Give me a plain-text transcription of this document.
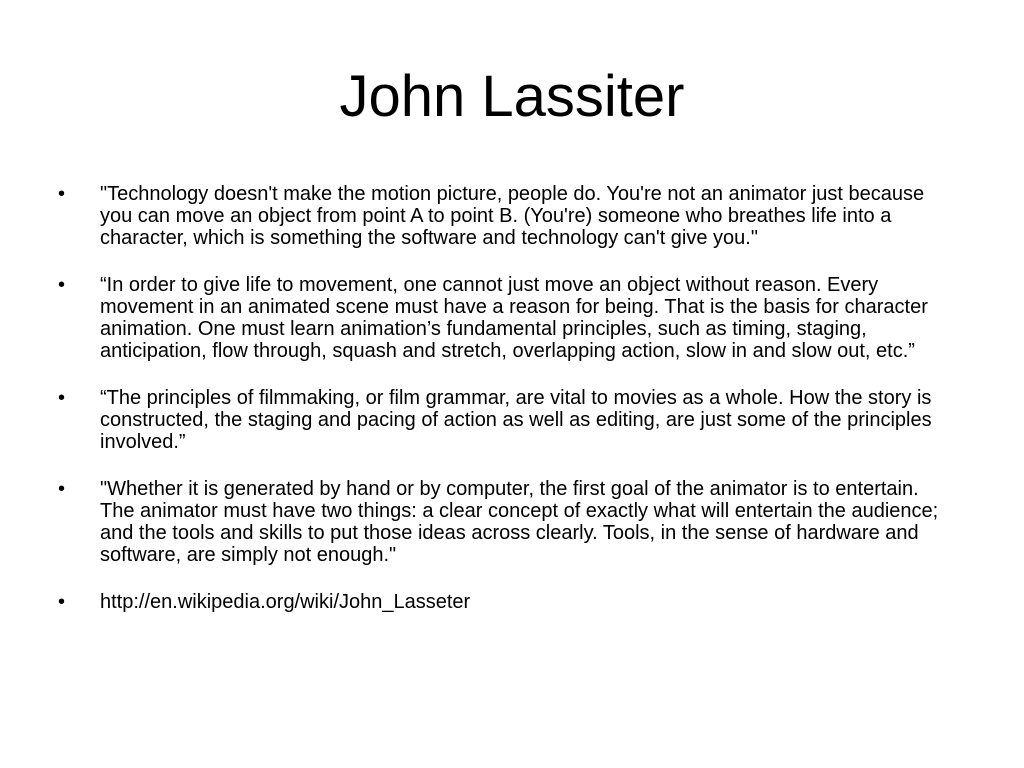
John Lassiter
• "Technology doesn't make the motion picture, people do. You're not an animator just because you can move an object from point A to point B. (You're) someone who breathes life into a character, which is something the software and technology can't give you."
• “In order to give life to movement, one cannot just move an object without reason. Every movement in an animated scene must have a reason for being. That is the basis for character animation. One must learn animation’s fundamental principles, such as timing, staging, anticipation, flow through, squash and stretch, overlapping action, slow in and slow out, etc.”
• “The principles of filmmaking, or film grammar, are vital to movies as a whole. How the story is constructed, the staging and pacing of action as well as editing, are just some of the principles involved.”
• "Whether it is generated by hand or by computer, the first goal of the animator is to entertain. The animator must have two things: a clear concept of exactly what will entertain the audience; and the tools and skills to put those ideas across clearly. Tools, in the sense of hardware and software, are simply not enough."
• http://en.wikipedia.org/wiki/John_Lasseter
